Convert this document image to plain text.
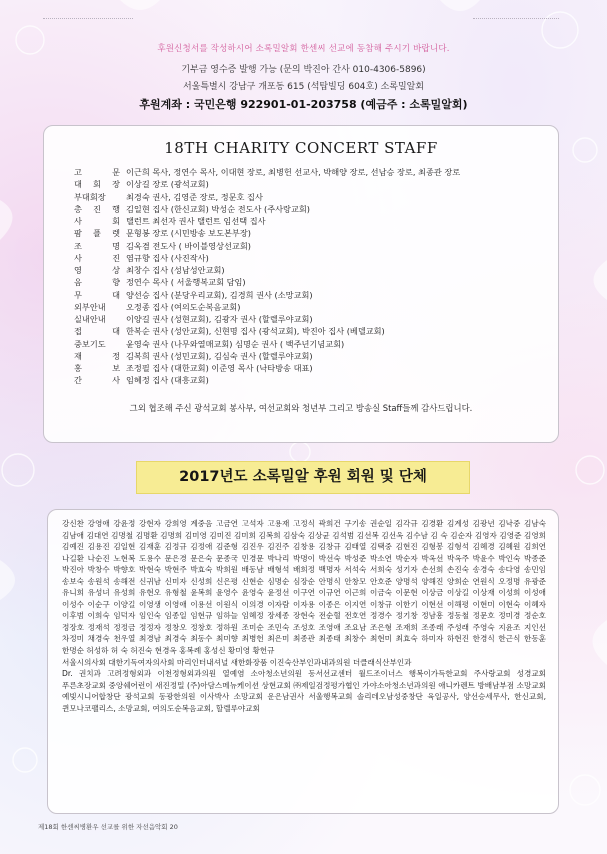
후원신청서를 작성하시어 소록밀알회 한센씨 선교에 동참해 주시기 바랍니다.
기부금 영수증 발행 가능 (문의 박진아 간사 010-4306-5896)
서울특별시 강남구 개포동 615 (석탑빌딩 604호) 소록밀알회
후원계좌 : 국민은행 922901-01-203758 (예금주 : 소록밀알회)
18TH CHARITY CONCERT STAFF
고 문 이근희 목사, 정연수 목사, 이대현 장로, 최병헌 선교사, 박해양 장로, 선남승 장로, 최종관 장로
대 회 장 이상길 장로 (광석교회)
부대회장	최경숙 권사, 김영준 장로, 정문호 집사
총 진 행 김일현 집사 (한신교회) 박성순 전도사 (주사랑교회)
사 회 탤런트 최선자 권사 탤런트 임선택 집사
팜 플 렛 문형봉 장로 (시민방송 보도본부장)
조 명 김옥겸 전도사 ( 바이블영상선교회)
사 진 염규향 집사 (사진작사)
영 상 최창수 집사 (성남성안교회)
음 향 정연수 목사 ( 서울행복교회 담임)
무 대 양선승 집사 (분당우리교회), 김경희 권사 (소망교회)
외부안내	오정종 집사 (여의도순복음교회)
실내안내	이양길 권사 (성현교회), 김광자 권사 (할렐루야교회)
접 대 한복순 권사 (성안교회), 신현명 집사 (광석교회), 박진아 집사 (베델교회)
중보기도	윤영숙 권사 (나무와열매교회) 심명순 권사 ( 백주년기념교회)
재 정 김복희 권사 (성민교회), 김심숙 권사 (할렐루야교회)
홍 보 조정필 집사 (대한교회) 이준영 목사 (낙타방송 대표)
간 사 임혜정 집사 (대흥교회)
그외 협조해 주신 광석교회 봉사부, 여선교회와 청년부 그리고 방송실 Staff들께 감사드립니다.
2017년도 소록밀알 후원 회원 및 단체
강신찬 강영애 강윤정 강현자 강희영 계중음 고금연 고석자 고용재 고정식 곽희건 구기송 권순일 김각규 김경환 김계성 김광년 김낙중 김남숙 김남애 김대연 김명철 김명환 김명희 김미영 김미진 김미희 김복희 김삼숙 김상균 김석범 김선복 김선옥 김수남 김 숙 김순자 김영자 김영준 김영희 김예진 김용진 김일현 김재훈 김정규 김정애 김준형 김진우 김진주 김창용 김창규 김태열 김택중 김현진 김형봉 김형석 김혜경 김혜원 김희연 나길환 나순진 노현복 도용수 문은경 문은숙 문종국 민경문 박나리 박명이 박선숙 박성준 박소연 박순자 박옥선 박옥주 박윤수 박인숙 박종준 박진아 박창수 박향호 박현숙 박현주 박효숙 박희원 배동남 배형석 배희정 백명자 서석숙 서희숙 성기자 손선희 손진숙 송경숙 송다영 송민임 송보숙 송원석 송해전 신귀남 신미자 신성희 신은평 신현순 심명순 심장순 안명식 안창모 안호준 양명석 양해진 양희순 연원식 오정명 유광준 유니희 유성녀 유성희 유현오 유형철 윤복희 윤영수 윤영숙 윤정선 이구연 이규연 이근희 이금숙 이문현 이상금 이상길 이상재 이성희 이성애 이성수 이순구 이양길 이영생 이영애 이용선 이원식 이의경 이자람 이자용 이종은 이지연 이창규 이한기 이현선 이해평 이현미 이현숙 이혜자 이후범 이희숙 임덕자 임인숙 임종일 임현규 임하늘 임혜정 장세종 장현숙 전순혈 전호연 정경수 정기창 정남흥 정동철 정문호 정미경 정순호 정장호 정재석 정정금 정정자 정창오 정창호 정하원 조미순 조민숙 조성호 조영애 조요남 조은형 조재희 조종래 주성래 주영숙 지윤조 지인선 차정미 채경숙 천우열 최경남 최경숙 최동수 최미향 최병헌 최은미 최종관 최종태 최창수 최현미 최효숙 하미자 하현진 한경식 한근식 한동훈 한명순 허성하 허 숙 허진숙 현경옥 홍복례 홍성신 황미영 황헌규
서울시의사회 대한기독여자의사회 마리인터내셔널 새한화장품 이진숙산부인과내과의원 더클래식산부인과
Dr. 권치과 고려정형외과 이천정형외과의원 열예염 소아청소년의원 동서선교센터 월드조이너스 행복이가득한교회 주사랑교회 성경교회 푸른초장교회 중앙쉐어런이 새진정밀 (주)아담스메뉴케이션 상현교회 ㈜제일검정평가협인 가야소아청소년과의원 애니카렌트 방배남부점 소망교회 예빛시니어합창단 광석교회 동광한의원 이사박사 소망교회 운은남권사 서울행복교회 솔리데오남성중창단 육일공사, 양선승세무사, 한신교회, 퀸모나코팰리스, 소망교회, 여의도순복음교회, 할렐루야교회
제18회 한센씨병환우 선교를 위한 자선음악회 20
